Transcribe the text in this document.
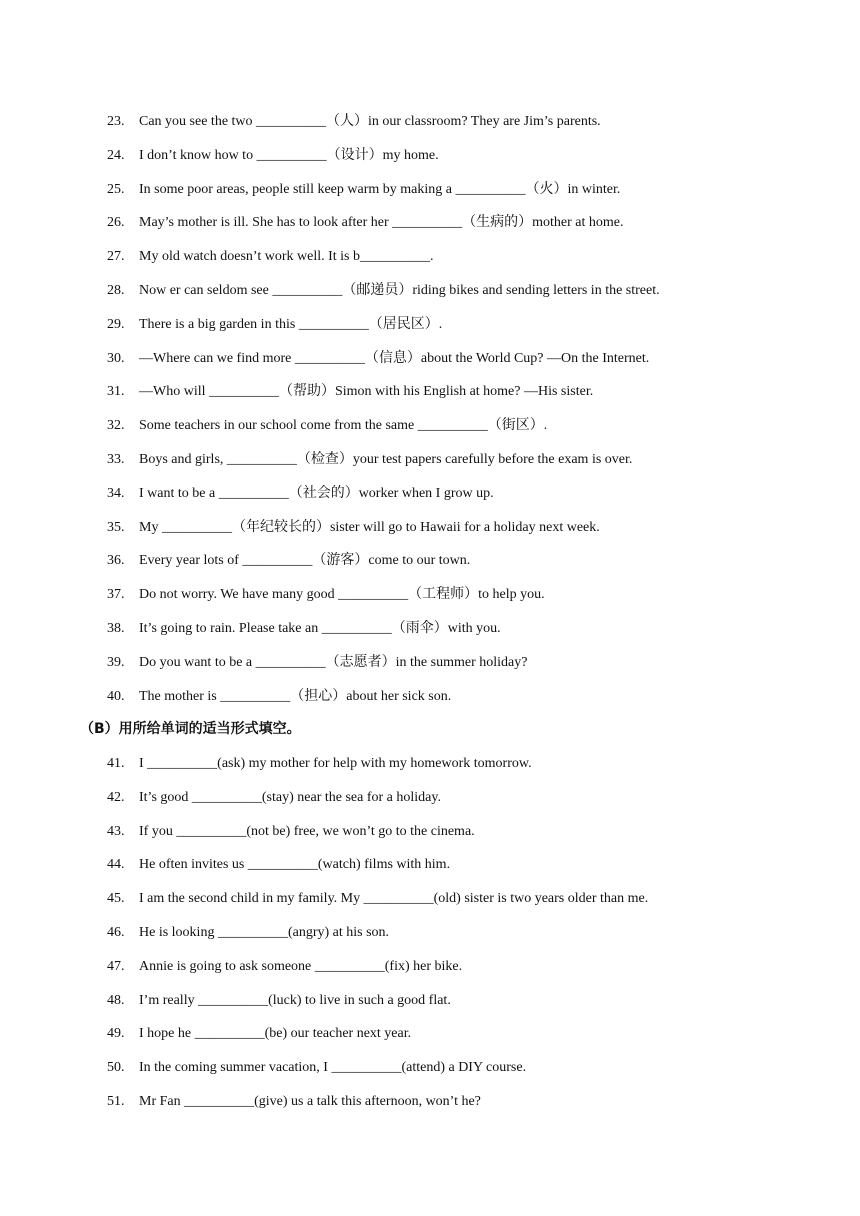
23.	Can you see the two __________（人）in our classroom? They are Jim’s parents.
24.	I don’t know how to __________（设计）my home.
25.	In some poor areas, people still keep warm by making a __________（火）in winter.
26.	May’s mother is ill. She has to look after her __________（生病的）mother at home.
27.	My old watch doesn’t work well. It is b__________.
28.	Now er can seldom see __________（邮递员）riding bikes and sending letters in the street.
29.	There is a big garden in this __________（居民区）.
30.	—Where can we find more __________（信息）about the World Cup? —On the Internet.
31.	—Who will __________（帮助）Simon with his English at home? —His sister.
32.	Some teachers in our school come from the same __________（街区）.
33.	Boys and girls, __________（检查）your test papers carefully before the exam is over.
34.	I want to be a __________（社会的）worker when I grow up.
35.	My __________（年纪较长的）sister will go to Hawaii for a holiday next week.
36.	Every year lots of __________（游客）come to our town.
37.	Do not worry. We have many good __________（工程师）to help you.
38.	It’s going to rain. Please take an __________（雨伞）with you.
39.	Do you want to be a __________（志愿者）in the summer holiday?
40.	The mother is __________（担心）about her sick son.
（B）用所给单词的适当形式填空。
41.	I __________(ask) my mother for help with my homework tomorrow.
42.	It’s good __________(stay) near the sea for a holiday.
43.	If you __________(not be) free, we won’t go to the cinema.
44.	He often invites us __________(watch) films with him.
45.	I am the second child in my family. My __________(old) sister is two years older than me.
46.	He is looking __________(angry) at his son.
47.	Annie is going to ask someone __________(fix) her bike.
48.	I’m really __________(luck) to live in such a good flat.
49.	I hope he __________(be) our teacher next year.
50.	In the coming summer vacation, I __________(attend) a DIY course.
51.	Mr Fan __________(give) us a talk this afternoon, won’t he?
